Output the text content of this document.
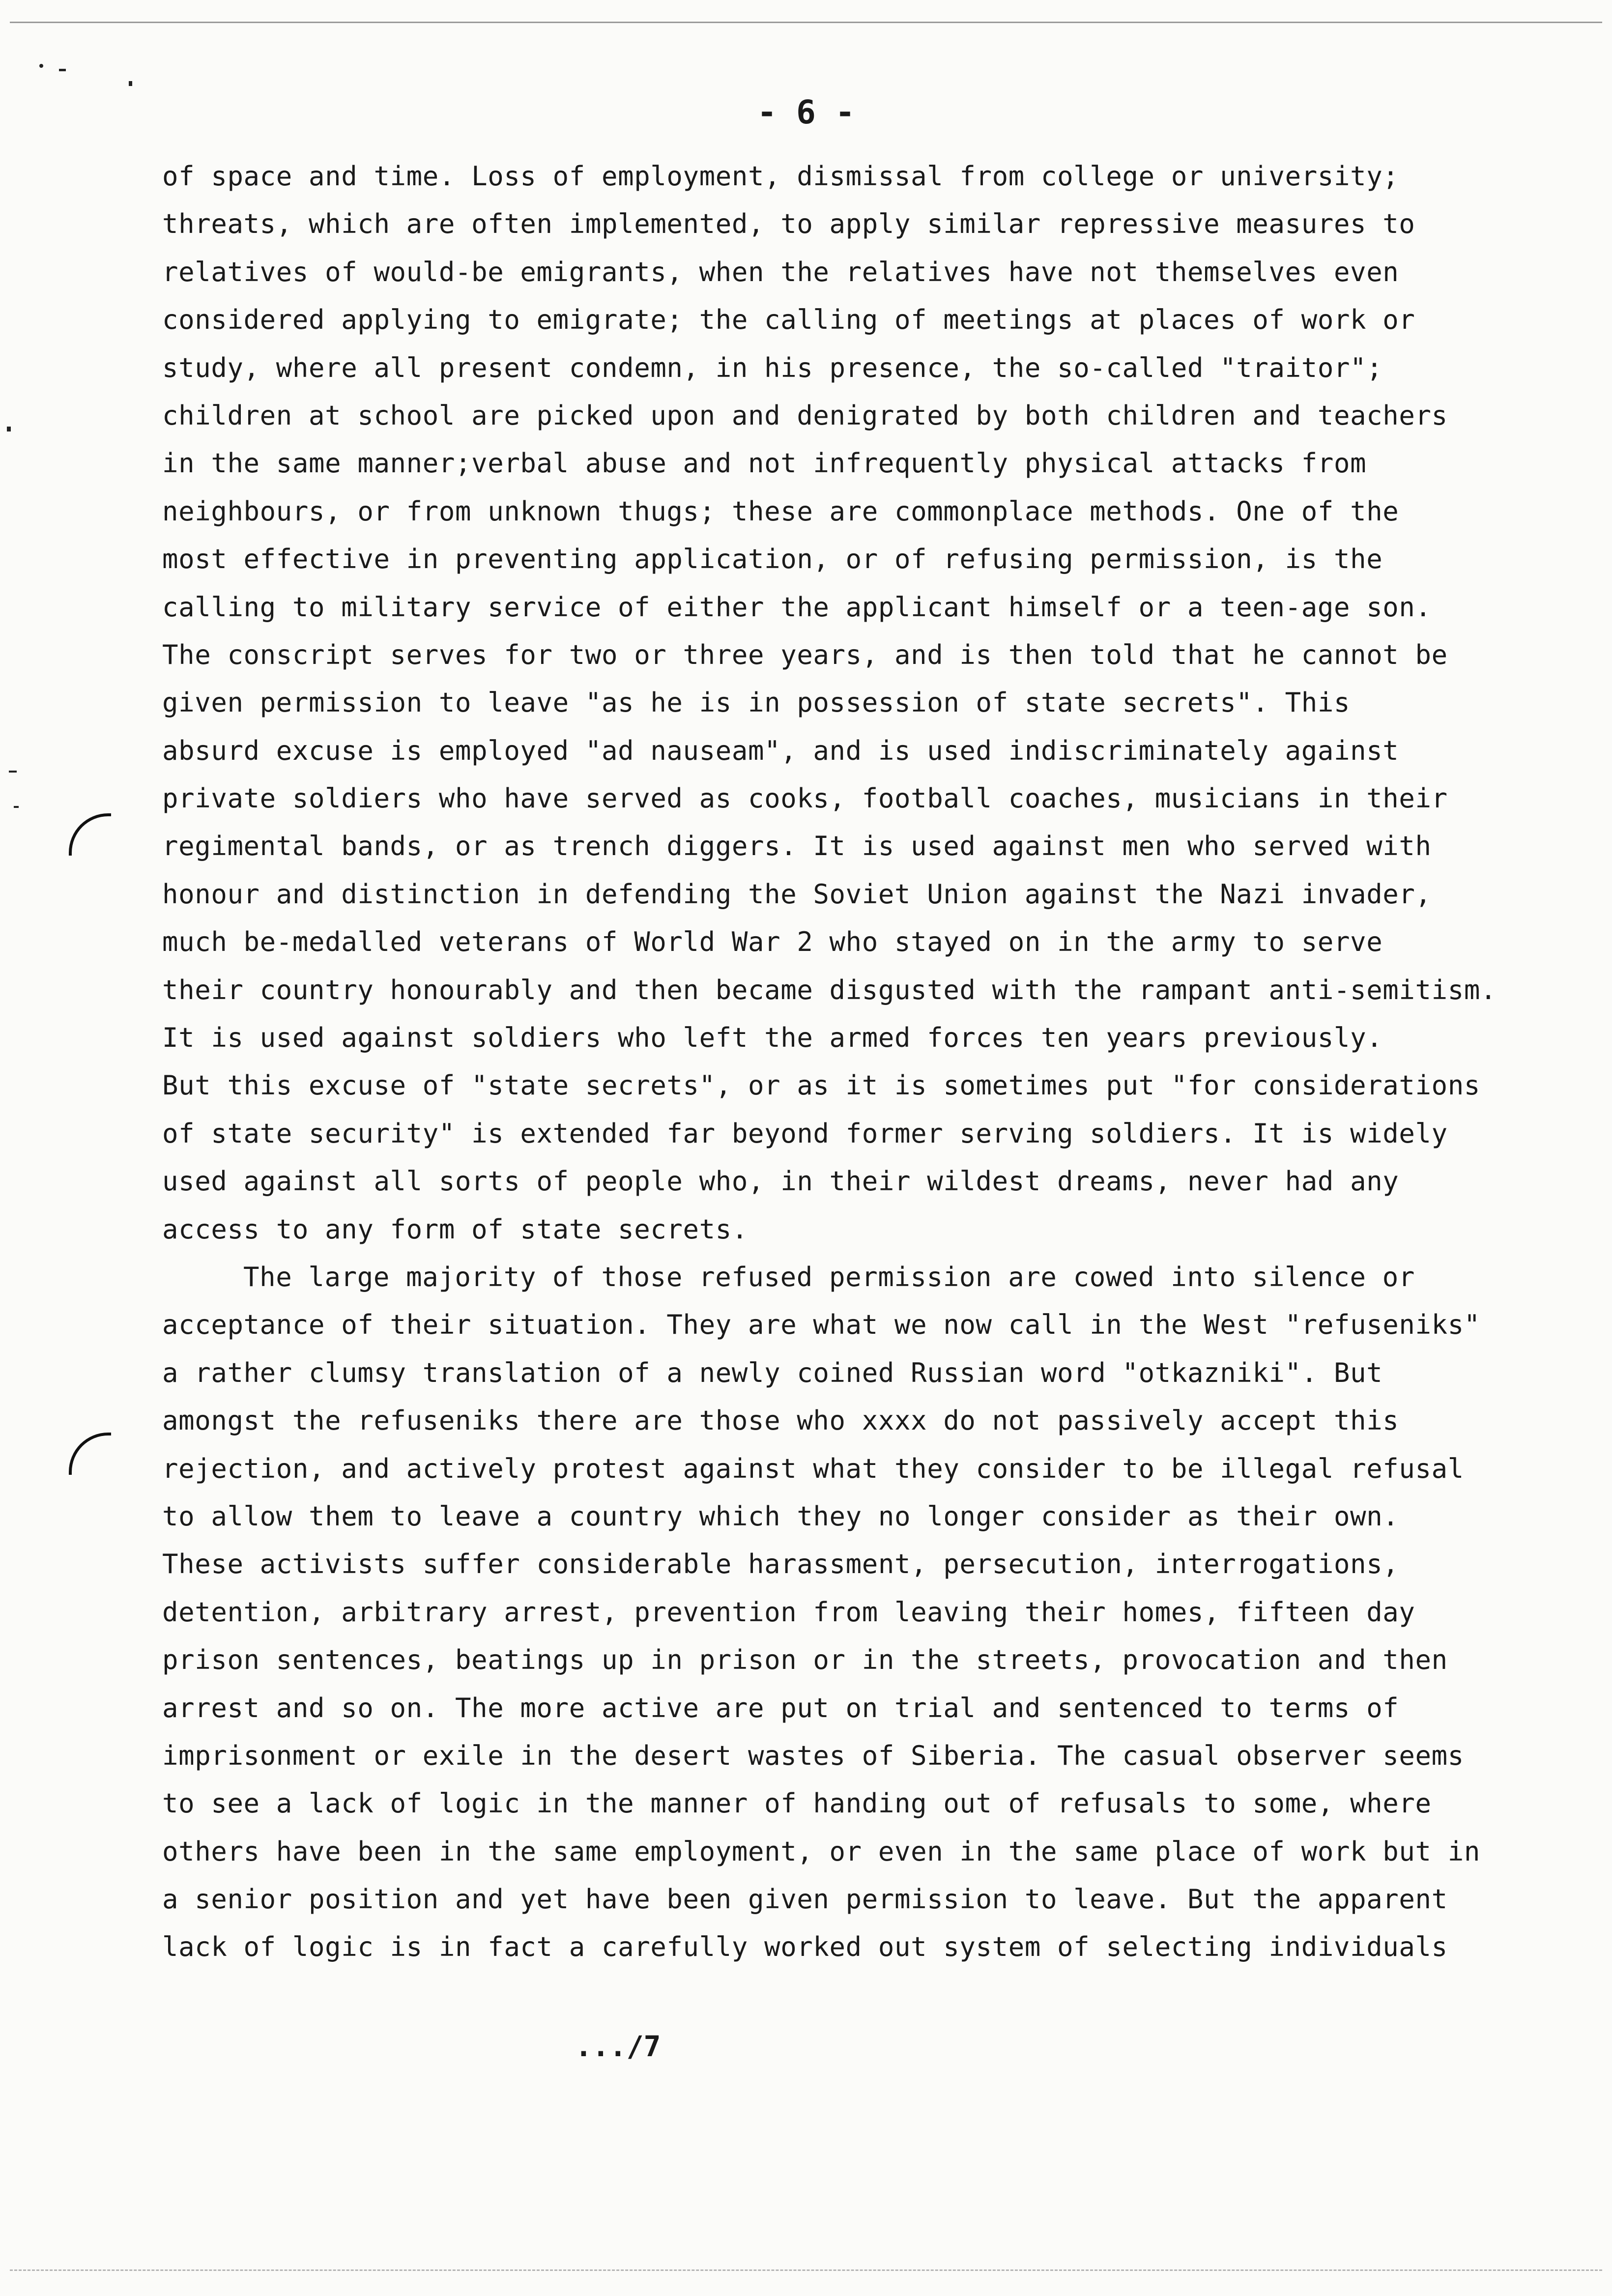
- 6 -
of space and time. Loss of employment, dismissal from college or university;
threats, which are often implemented, to apply similar repressive measures to
relatives of would-be emigrants, when the relatives have not themselves even
considered applying to emigrate; the calling of meetings at places of work or
study, where all present condemn, in his presence, the so-called "traitor";
children at school are picked upon and denigrated by both children and teachers
in the same manner;verbal abuse and not infrequently physical attacks from
neighbours, or from unknown thugs; these are commonplace methods. One of the
most effective in preventing application, or of refusing permission, is the
calling to military service of either the applicant himself or a teen-age son.
The conscript serves for two or three years, and is then told that he cannot be
given permission to leave "as he is in possession of state secrets". This
absurd excuse is employed "ad nauseam", and is used indiscriminately against
private soldiers who have served as cooks, football coaches, musicians in their
regimental bands, or as trench diggers. It is used against men who served with
honour and distinction in defending the Soviet Union against the Nazi invader,
much be-medalled veterans of World War 2 who stayed on in the army to serve
their country honourably and then became disgusted with the rampant anti-semitism.
It is used against soldiers who left the armed forces ten years previously.
But this excuse of "state secrets", or as it is sometimes put "for considerations
of state security" is extended far beyond former serving soldiers. It is widely
used against all sorts of people who, in their wildest dreams, never had any
access to any form of state secrets.
The large majority of those refused permission are cowed into silence or
acceptance of their situation. They are what we now call in the West "refuseniks"
a rather clumsy translation of a newly coined Russian word "otkazniki". But
amongst the refuseniks there are those who xxxx do not passively accept this
rejection, and actively protest against what they consider to be illegal refusal
to allow them to leave a country which they no longer consider as their own.
These activists suffer considerable harassment, persecution, interrogations,
detention, arbitrary arrest, prevention from leaving their homes, fifteen day
prison sentences, beatings up in prison or in the streets, provocation and then
arrest and so on. The more active are put on trial and sentenced to terms of
imprisonment or exile in the desert wastes of Siberia. The casual observer seems
to see a lack of logic in the manner of handing out of refusals to some, where
others have been in the same employment, or even in the same place of work but in
a senior position and yet have been given permission to leave. But the apparent
lack of logic is in fact a carefully worked out system of selecting individuals
.../7
